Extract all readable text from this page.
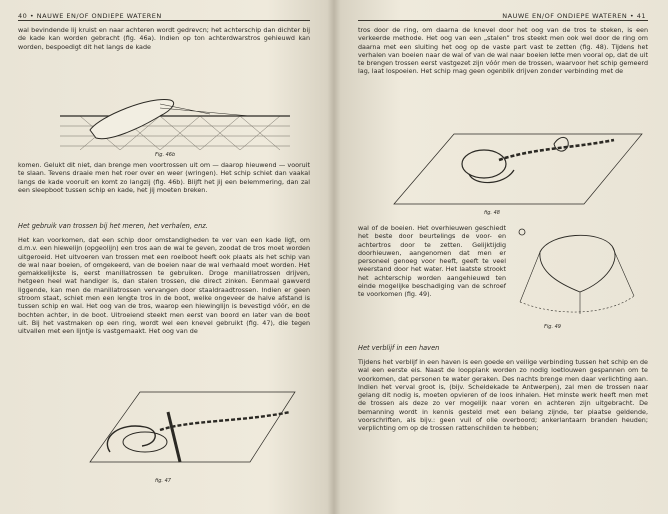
40 • NAUWE EN/OF ONDIEPE WATEREN

wal bevindende lij kruist en naar achteren wordt gedrevcn; het achterschip dan dichter bij de kade kan worden gebracht (fig. 46a). Indien op ton achterdwarstros gehieuwd kan worden, bespoedigt dit het langs de kade

Fig. 46b

komen. Gelukt dit niet, dan brenge men voortrossen uit om — daarop hieuwend — vooruit te slaan. Tevens draaie men het roer over en weer (wringen). Het schip schiet dan vaakal langs de kade vooruit en komt zo langzij (fig. 46b). Blijft het jij een belemmering, dan zal een sleepboot tussen schip en kade, het jij moeten breken.

Het gebruik van trossen bij het meren, het verhalen, enz.

Het kan voorkomen, dat een schip door omstandigheden te ver van een kade ligt, om d.m.v. een hiewelijn (opgeolijn) een tros aan de wal te geven, zoodat de tros moet worden uitgeroeid. Het uitvoeren van trossen met een roeiboot heeft ook plaats als het schip van de wal naar boeien, of omgekeerd, van de boeien naar de wal verhaald moet worden. Het gemakkelijkste is, eerst manillatrossen te gebruiken. Droge manillatrossen drijven, hetgeen heel wat handiger is, dan stalen trossen, die direct zinken. Eenmaal gawverd liggende, kan men de manillatrossen vervangen door staaldraadtrossen. Indien er geen stroom staat, schiet men een lengte tros in de boot, welke ongeveer de halve afstand is tussen schip en wal. Het oog van de tros, waarop een hiewinglijn is bevestigd vóór, en de bochten achter, in de boot. Uitroeiend steekt men eerst van boord en later van de boot uit. Bij het vastmaken op een ring, wordt wel een knevel gebruikt (fig. 47), die tegen uitvallen met een lijntje is vastgemaakt. Het oog van de

fig. 47
NAUWE EN/OF ONDIEPE WATEREN • 41

tros door de ring, om daarna de knevel door het oog van de tros te steken, is een verkeerde methode. Het oog van een „stalen” tros steekt men ook wel door de ring om daarna met een sluiting het oog op de vaste part vast te zetten (fig. 48). Tijdens het verhalen van boeien naar de wal of van de wal naar boeien lette men vooral op, dat de uit te brengen trossen eerst vastgezet zijn vóór men de trossen, waarvoor het schip gemeerd lag, laat lospoeien. Het schip mag geen ogenblik drijven zonder verbinding met de

fig. 48

wal of de boeien. Het overhieuwen geschiedt het beste door beurtelings de voor- en achtertros door te zetten. Gelijktijdig doorhieuwen, aangenomen dat men er personeel genoeg voor heeft, geeft te veel weerstand door het water. Het laatste strookt het achterschip worden aangehieuwd ten einde mogelijke beschadiging van de schroef te voorkomen (fig. 49).

Fig. 49
Het verblijf in een haven

Tijdens het verblijf in een haven is een goede en veilige verbinding tussen het schip en de wal een eerste eis. Naast de loopplank worden zo nodig loetlouwen gespannen om te voorkomen, dat personen te water geraken. Des nachts brenge men daar verlichting aan. Indien het verval groot is, (bijv. Scheldekade te Antwerpen), zal men de trossen naar gelang dit nodig is, moeten opvieren of de loos inhalen. Het minste werk heeft men met de trossen als deze zo ver mogelijk naar voren en achteren zijn uitgebracht. De bemanning wordt in kennis gesteld met een belang zijnde, ter plaatse geldende, voorschriften, als bijv.: geen vuil of olie overboord; ankerlantaarn branden heuden; verplichting om op de trossen rattenschilden te hebben;
